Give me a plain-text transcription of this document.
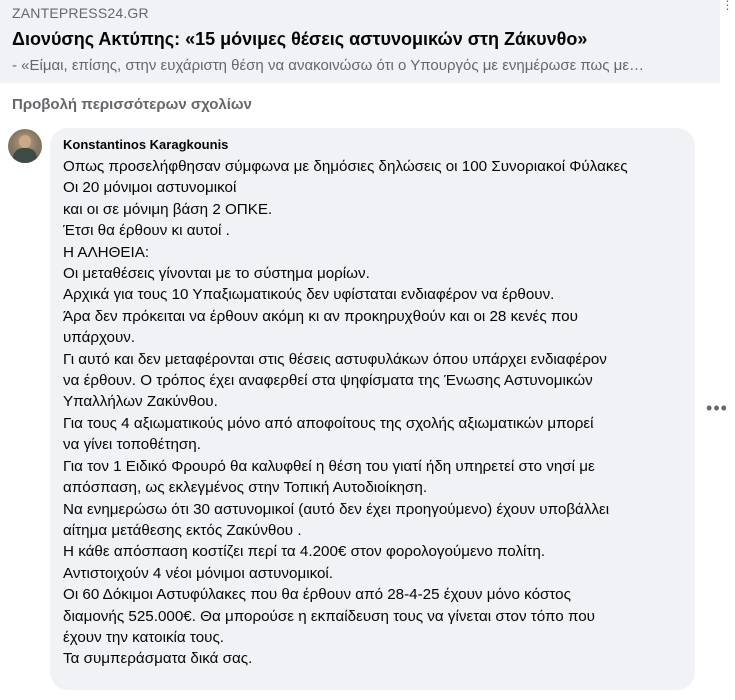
ZANTEPRESS24.GR
Διονύσης Ακτύπης: «15 μόνιμες θέσεις αστυνομικών στη Ζάκυνθο»
- «Είμαι, επίσης, στην ευχάριστη θέση να ανακοινώσω ότι ο Υπουργός με ενημέρωσε πως με…
⋮
Προβολή περισσότερων σχολίων
Konstantinos Karagkounis
Οπως προσελήφθησαν σύμφωνα με δημόσιες δηλώσεις οι 100 Συνοριακοί Φύλακες
Οι 20 μόνιμοι αστυνομικοί
και οι σε μόνιμη βάση 2 ΟΠΚΕ.
Έτσι θα έρθουν κι αυτοί .
Η ΑΛΗΘΕΙΑ:
Οι μεταθέσεις γίνονται με το σύστημα μορίων.
Αρχικά για τους 10 Υπαξιωματικούς δεν υφίσταται ενδιαφέρον να έρθουν.
Άρα δεν πρόκειται να έρθουν ακόμη κι αν προκηρυχθούν και οι 28 κενές που
υπάρχουν.
Γι αυτό και δεν μεταφέρονται στις θέσεις αστυφυλάκων όπου υπάρχει ενδιαφέρον
να έρθουν. Ο τρόπος έχει αναφερθεί στα ψηφίσματα της Ένωσης Αστυνομικών
Υπαλλήλων Ζακύνθου.
Για τους 4 αξιωματικούς μόνο από αποφοίτους της σχολής αξιωματικών μπορεί
να γίνει τοποθέτηση.
Για τον 1 Ειδικό Φρουρό θα καλυφθεί η θέση του γιατί ήδη υπηρετεί στο νησί με
απόσπαση, ως εκλεγμένος στην Τοπική Αυτοδιοίκηση.
Να ενημερώσω ότι 30 αστυνομικοί (αυτό δεν έχει προηγούμενο) έχουν υποβάλλει
αίτημα μετάθεσης εκτός Ζακύνθου .
Η κάθε απόσπαση κοστίζει περί τα 4.200€ στον φορολογούμενο πολίτη.
Αντιστοιχούν 4 νέοι μόνιμοι αστυνομικοί.
Οι 60 Δόκιμοι Αστυφύλακες που θα έρθουν από 28-4-25 έχουν μόνο κόστος
διαμονής 525.000€. Θα μπορούσε η εκπαίδευση τους να γίνεται στον τόπο που
έχουν την κατοικία τους.
Τα συμπεράσματα δικά σας.
•••
